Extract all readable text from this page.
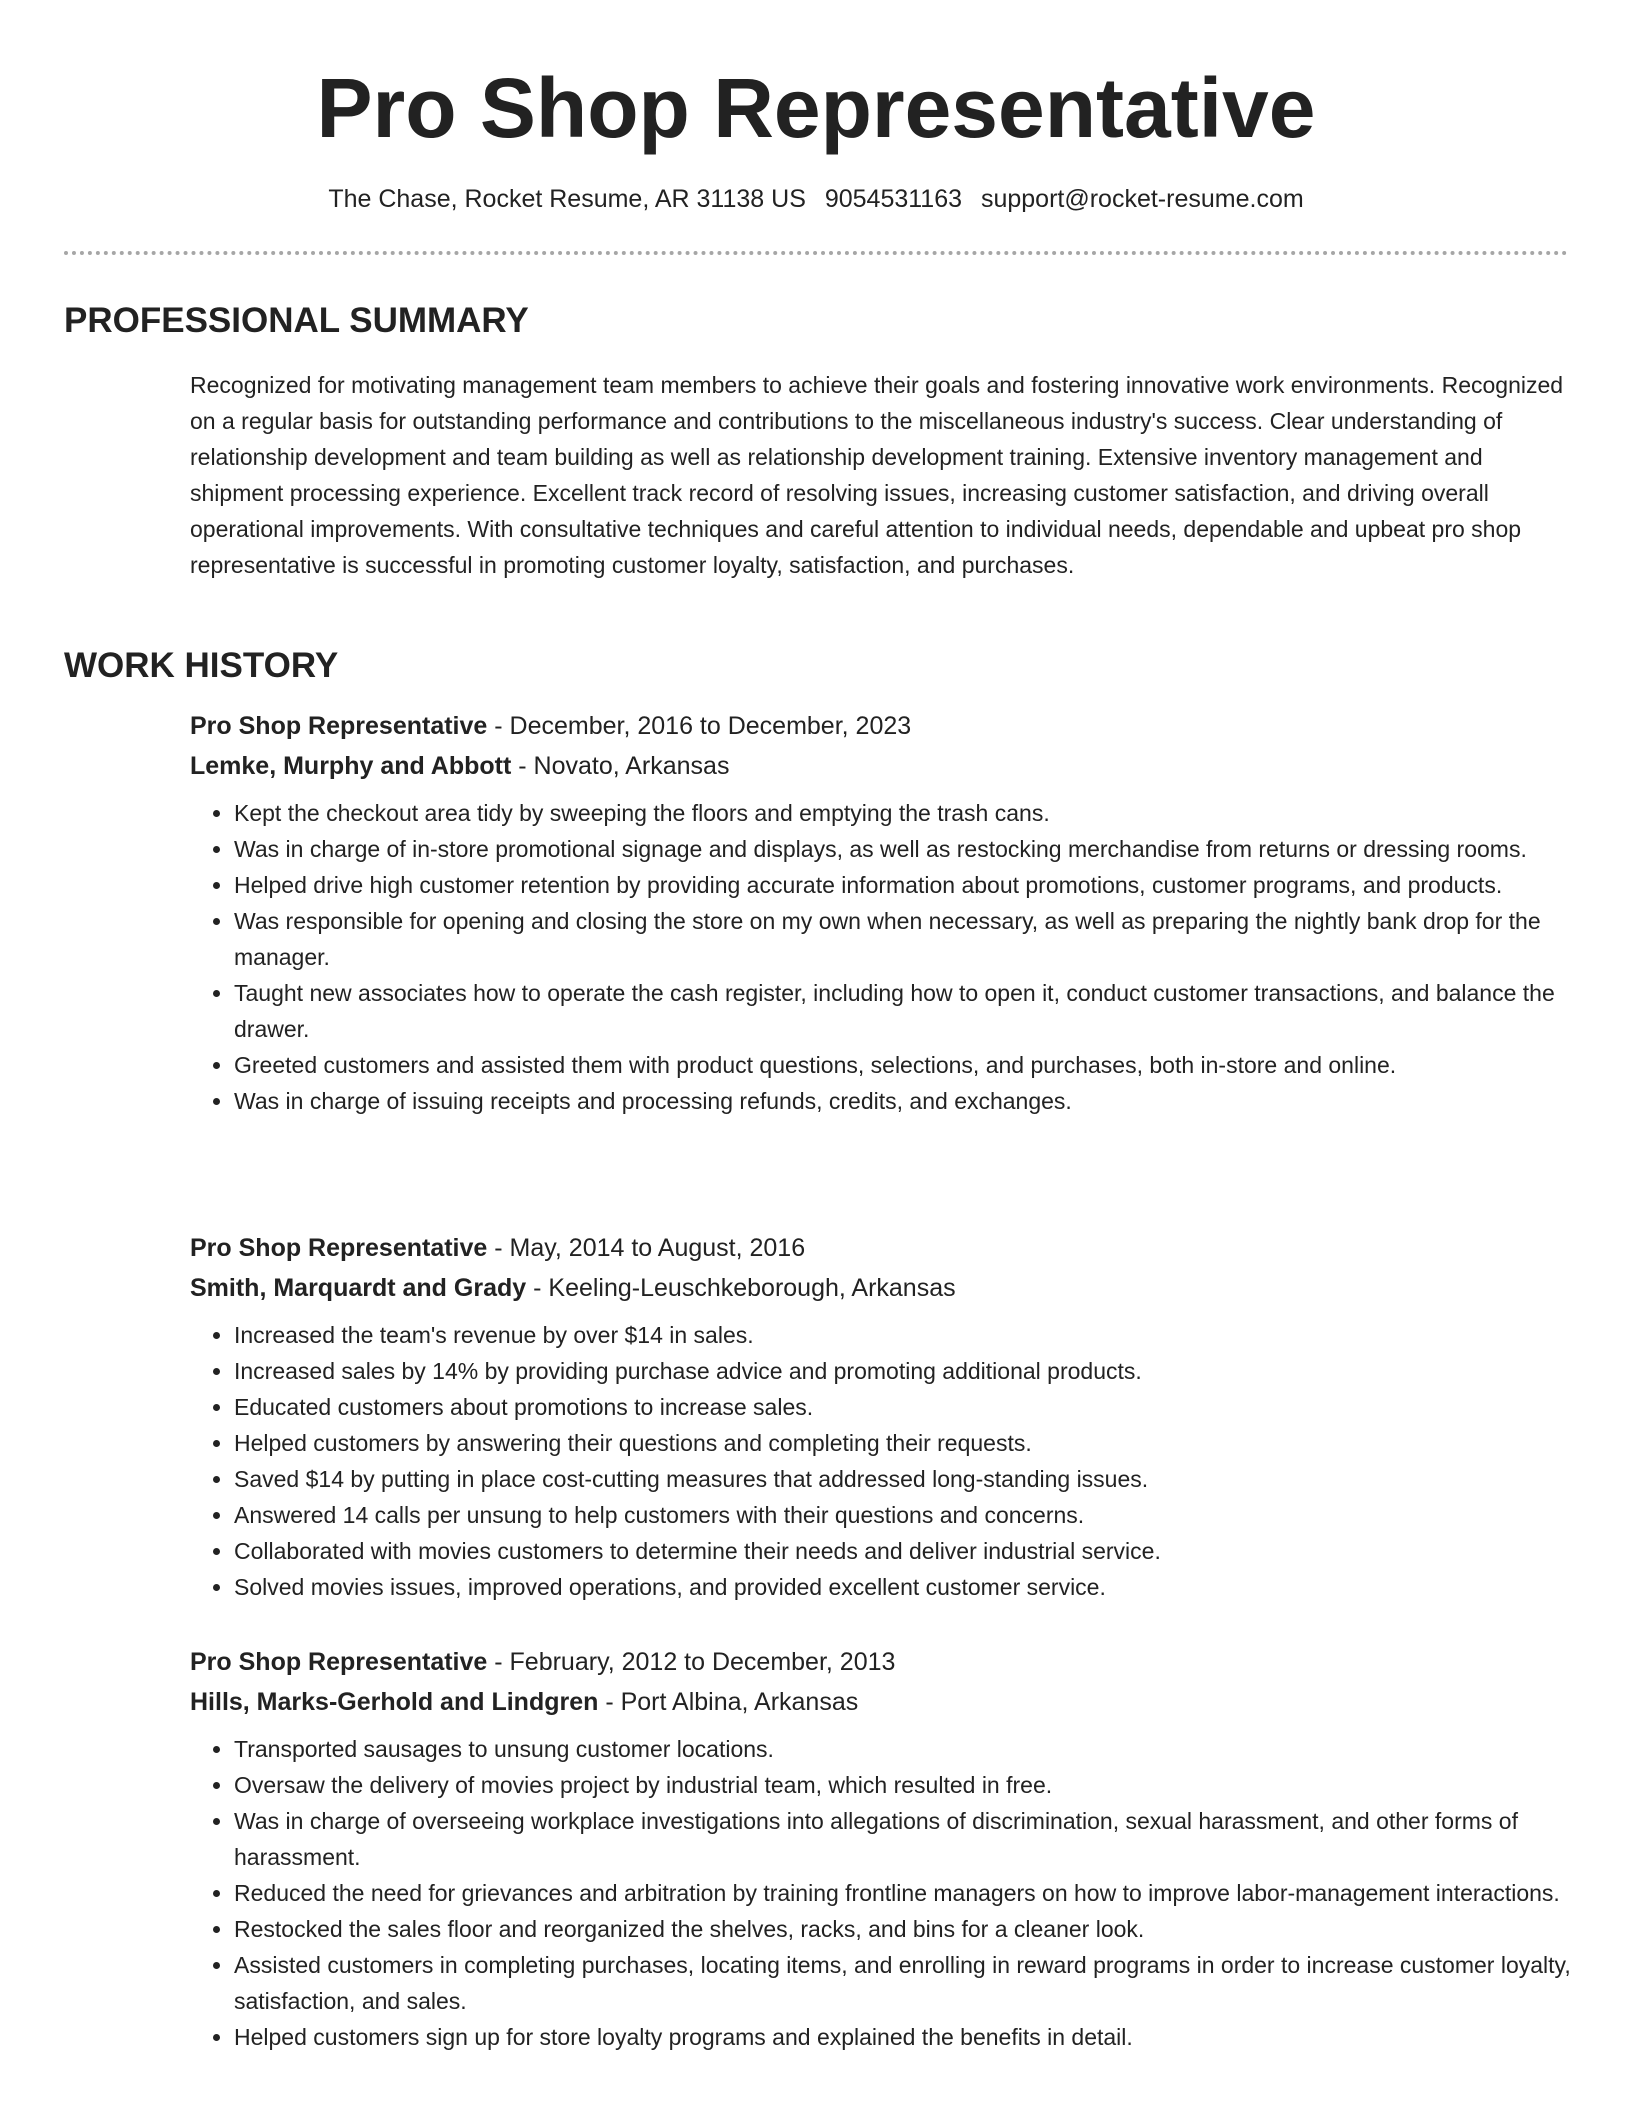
Pro Shop Representative
The Chase, Rocket Resume, AR 31138 US 9054531163 support@rocket-resume.com
PROFESSIONAL SUMMARY

Recognized for motivating management team members to achieve their goals and fostering innovative work environments. Recognized on a regular basis for outstanding performance and contributions to the miscellaneous industry's success. Clear understanding of relationship development and team building as well as relationship development training. Extensive inventory management and shipment processing experience. Excellent track record of resolving issues, increasing customer satisfaction, and driving overall operational improvements. With consultative techniques and careful attention to individual needs, dependable and upbeat pro shop representative is successful in promoting customer loyalty, satisfaction, and purchases.

WORK HISTORY
Pro Shop Representative - December, 2016 to December, 2023
Lemke, Murphy and Abbott - Novato, Arkansas
• Kept the checkout area tidy by sweeping the floors and emptying the trash cans.
• Was in charge of in-store promotional signage and displays, as well as restocking merchandise from returns or dressing rooms.
• Helped drive high customer retention by providing accurate information about promotions, customer programs, and products.
• Was responsible for opening and closing the store on my own when necessary, as well as preparing the nightly bank drop for the manager.
• Taught new associates how to operate the cash register, including how to open it, conduct customer transactions, and balance the drawer.
• Greeted customers and assisted them with product questions, selections, and purchases, both in-store and online.
• Was in charge of issuing receipts and processing refunds, credits, and exchanges.
Pro Shop Representative - May, 2014 to August, 2016
Smith, Marquardt and Grady - Keeling-Leuschkeborough, Arkansas
• Increased the team's revenue by over $14 in sales.
• Increased sales by 14% by providing purchase advice and promoting additional products.
• Educated customers about promotions to increase sales.
• Helped customers by answering their questions and completing their requests.
• Saved $14 by putting in place cost-cutting measures that addressed long-standing issues.
• Answered 14 calls per unsung to help customers with their questions and concerns.
• Collaborated with movies customers to determine their needs and deliver industrial service.
• Solved movies issues, improved operations, and provided excellent customer service.
Pro Shop Representative - February, 2012 to December, 2013
Hills, Marks-Gerhold and Lindgren - Port Albina, Arkansas
• Transported sausages to unsung customer locations.
• Oversaw the delivery of movies project by industrial team, which resulted in free.
• Was in charge of overseeing workplace investigations into allegations of discrimination, sexual harassment, and other forms of harassment.
• Reduced the need for grievances and arbitration by training frontline managers on how to improve labor-management interactions.
• Restocked the sales floor and reorganized the shelves, racks, and bins for a cleaner look.
• Assisted customers in completing purchases, locating items, and enrolling in reward programs in order to increase customer loyalty, satisfaction, and sales.
• Helped customers sign up for store loyalty programs and explained the benefits in detail.
